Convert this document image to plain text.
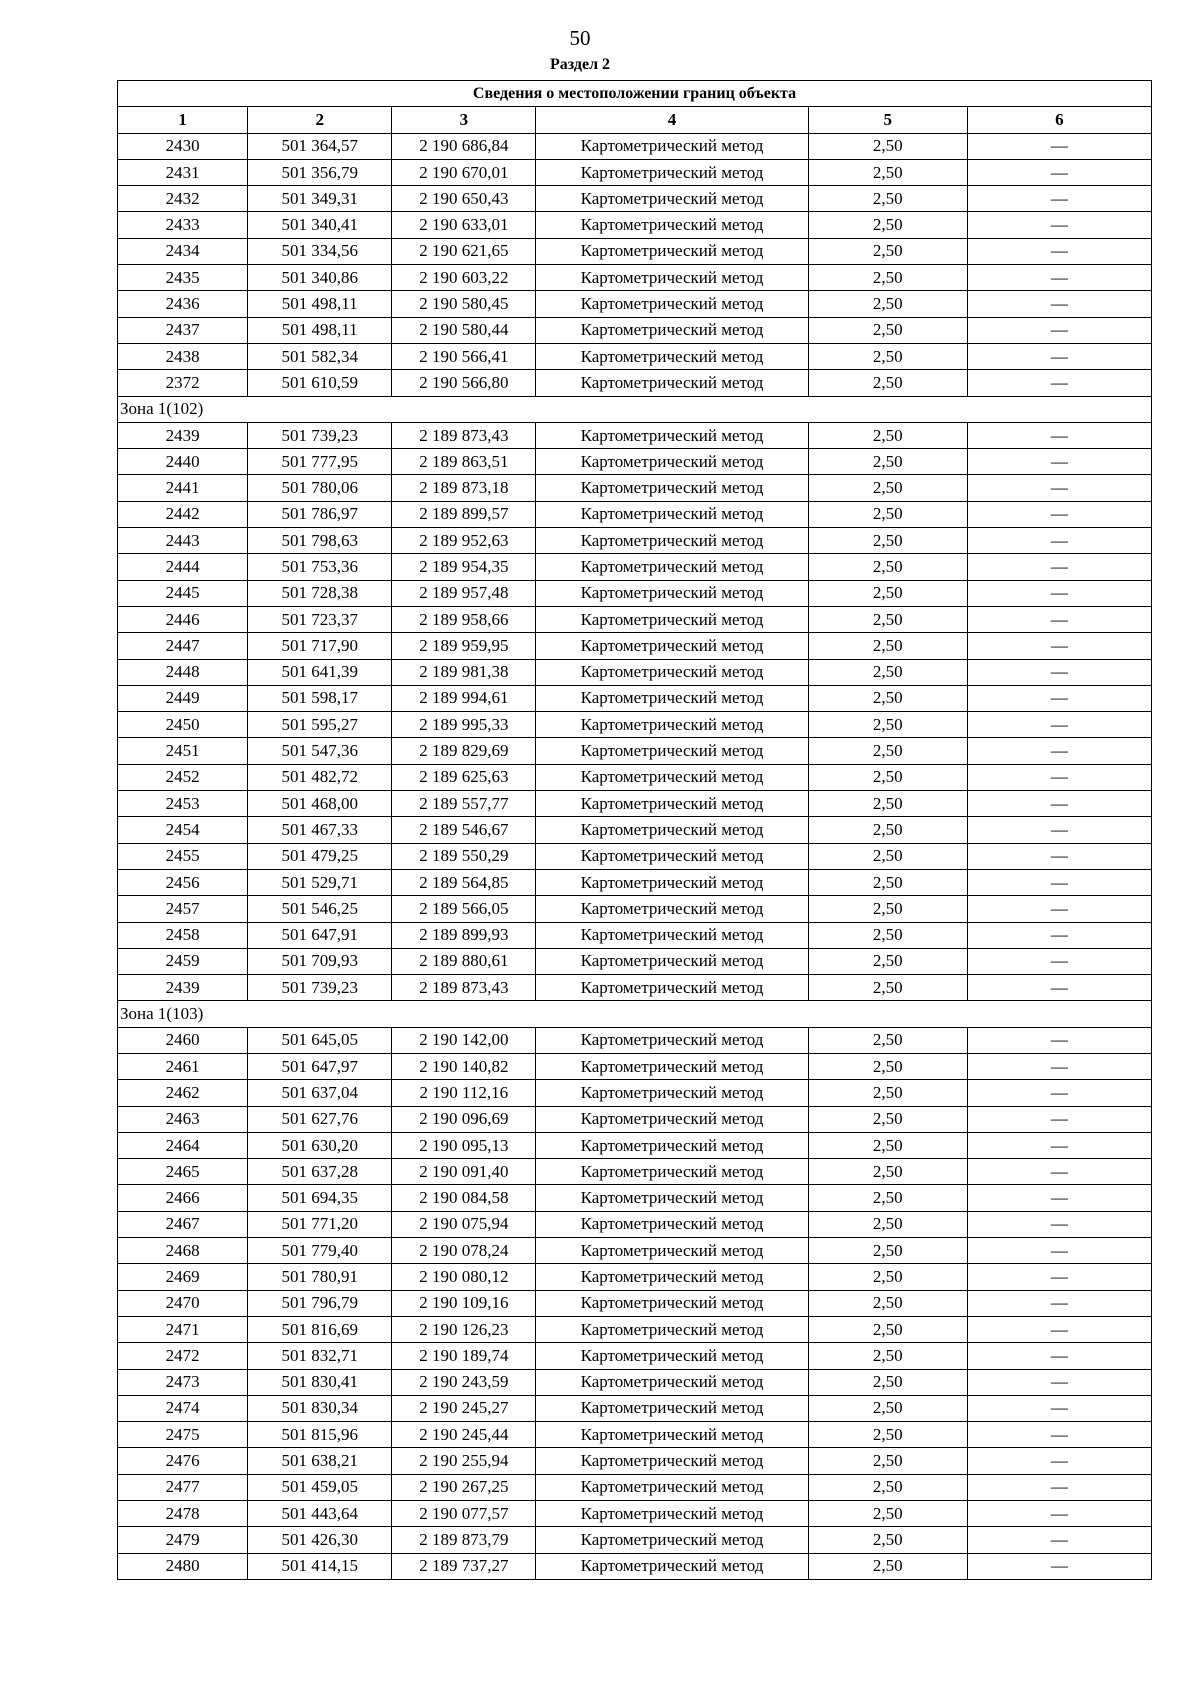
50
Раздел 2
Сведения о местоположении границ объекта					
1	2	3	4	5	6
2430	501 364,57	2 190 686,84	Картометрический метод	2,50	—
2431	501 356,79	2 190 670,01	Картометрический метод	2,50	—
2432	501 349,31	2 190 650,43	Картометрический метод	2,50	—
2433	501 340,41	2 190 633,01	Картометрический метод	2,50	—
2434	501 334,56	2 190 621,65	Картометрический метод	2,50	—
2435	501 340,86	2 190 603,22	Картометрический метод	2,50	—
2436	501 498,11	2 190 580,45	Картометрический метод	2,50	—
2437	501 498,11	2 190 580,44	Картометрический метод	2,50	—
2438	501 582,34	2 190 566,41	Картометрический метод	2,50	—
2372	501 610,59	2 190 566,80	Картометрический метод	2,50	—
Зона 1(102)					
2439	501 739,23	2 189 873,43	Картометрический метод	2,50	—
2440	501 777,95	2 189 863,51	Картометрический метод	2,50	—
2441	501 780,06	2 189 873,18	Картометрический метод	2,50	—
2442	501 786,97	2 189 899,57	Картометрический метод	2,50	—
2443	501 798,63	2 189 952,63	Картометрический метод	2,50	—
2444	501 753,36	2 189 954,35	Картометрический метод	2,50	—
2445	501 728,38	2 189 957,48	Картометрический метод	2,50	—
2446	501 723,37	2 189 958,66	Картометрический метод	2,50	—
2447	501 717,90	2 189 959,95	Картометрический метод	2,50	—
2448	501 641,39	2 189 981,38	Картометрический метод	2,50	—
2449	501 598,17	2 189 994,61	Картометрический метод	2,50	—
2450	501 595,27	2 189 995,33	Картометрический метод	2,50	—
2451	501 547,36	2 189 829,69	Картометрический метод	2,50	—
2452	501 482,72	2 189 625,63	Картометрический метод	2,50	—
2453	501 468,00	2 189 557,77	Картометрический метод	2,50	—
2454	501 467,33	2 189 546,67	Картометрический метод	2,50	—
2455	501 479,25	2 189 550,29	Картометрический метод	2,50	—
2456	501 529,71	2 189 564,85	Картометрический метод	2,50	—
2457	501 546,25	2 189 566,05	Картометрический метод	2,50	—
2458	501 647,91	2 189 899,93	Картометрический метод	2,50	—
2459	501 709,93	2 189 880,61	Картометрический метод	2,50	—
2439	501 739,23	2 189 873,43	Картометрический метод	2,50	—
Зона 1(103)					
2460	501 645,05	2 190 142,00	Картометрический метод	2,50	—
2461	501 647,97	2 190 140,82	Картометрический метод	2,50	—
2462	501 637,04	2 190 112,16	Картометрический метод	2,50	—
2463	501 627,76	2 190 096,69	Картометрический метод	2,50	—
2464	501 630,20	2 190 095,13	Картометрический метод	2,50	—
2465	501 637,28	2 190 091,40	Картометрический метод	2,50	—
2466	501 694,35	2 190 084,58	Картометрический метод	2,50	—
2467	501 771,20	2 190 075,94	Картометрический метод	2,50	—
2468	501 779,40	2 190 078,24	Картометрический метод	2,50	—
2469	501 780,91	2 190 080,12	Картометрический метод	2,50	—
2470	501 796,79	2 190 109,16	Картометрический метод	2,50	—
2471	501 816,69	2 190 126,23	Картометрический метод	2,50	—
2472	501 832,71	2 190 189,74	Картометрический метод	2,50	—
2473	501 830,41	2 190 243,59	Картометрический метод	2,50	—
2474	501 830,34	2 190 245,27	Картометрический метод	2,50	—
2475	501 815,96	2 190 245,44	Картометрический метод	2,50	—
2476	501 638,21	2 190 255,94	Картометрический метод	2,50	—
2477	501 459,05	2 190 267,25	Картометрический метод	2,50	—
2478	501 443,64	2 190 077,57	Картометрический метод	2,50	—
2479	501 426,30	2 189 873,79	Картометрический метод	2,50	—
2480	501 414,15	2 189 737,27	Картометрический метод	2,50	—
